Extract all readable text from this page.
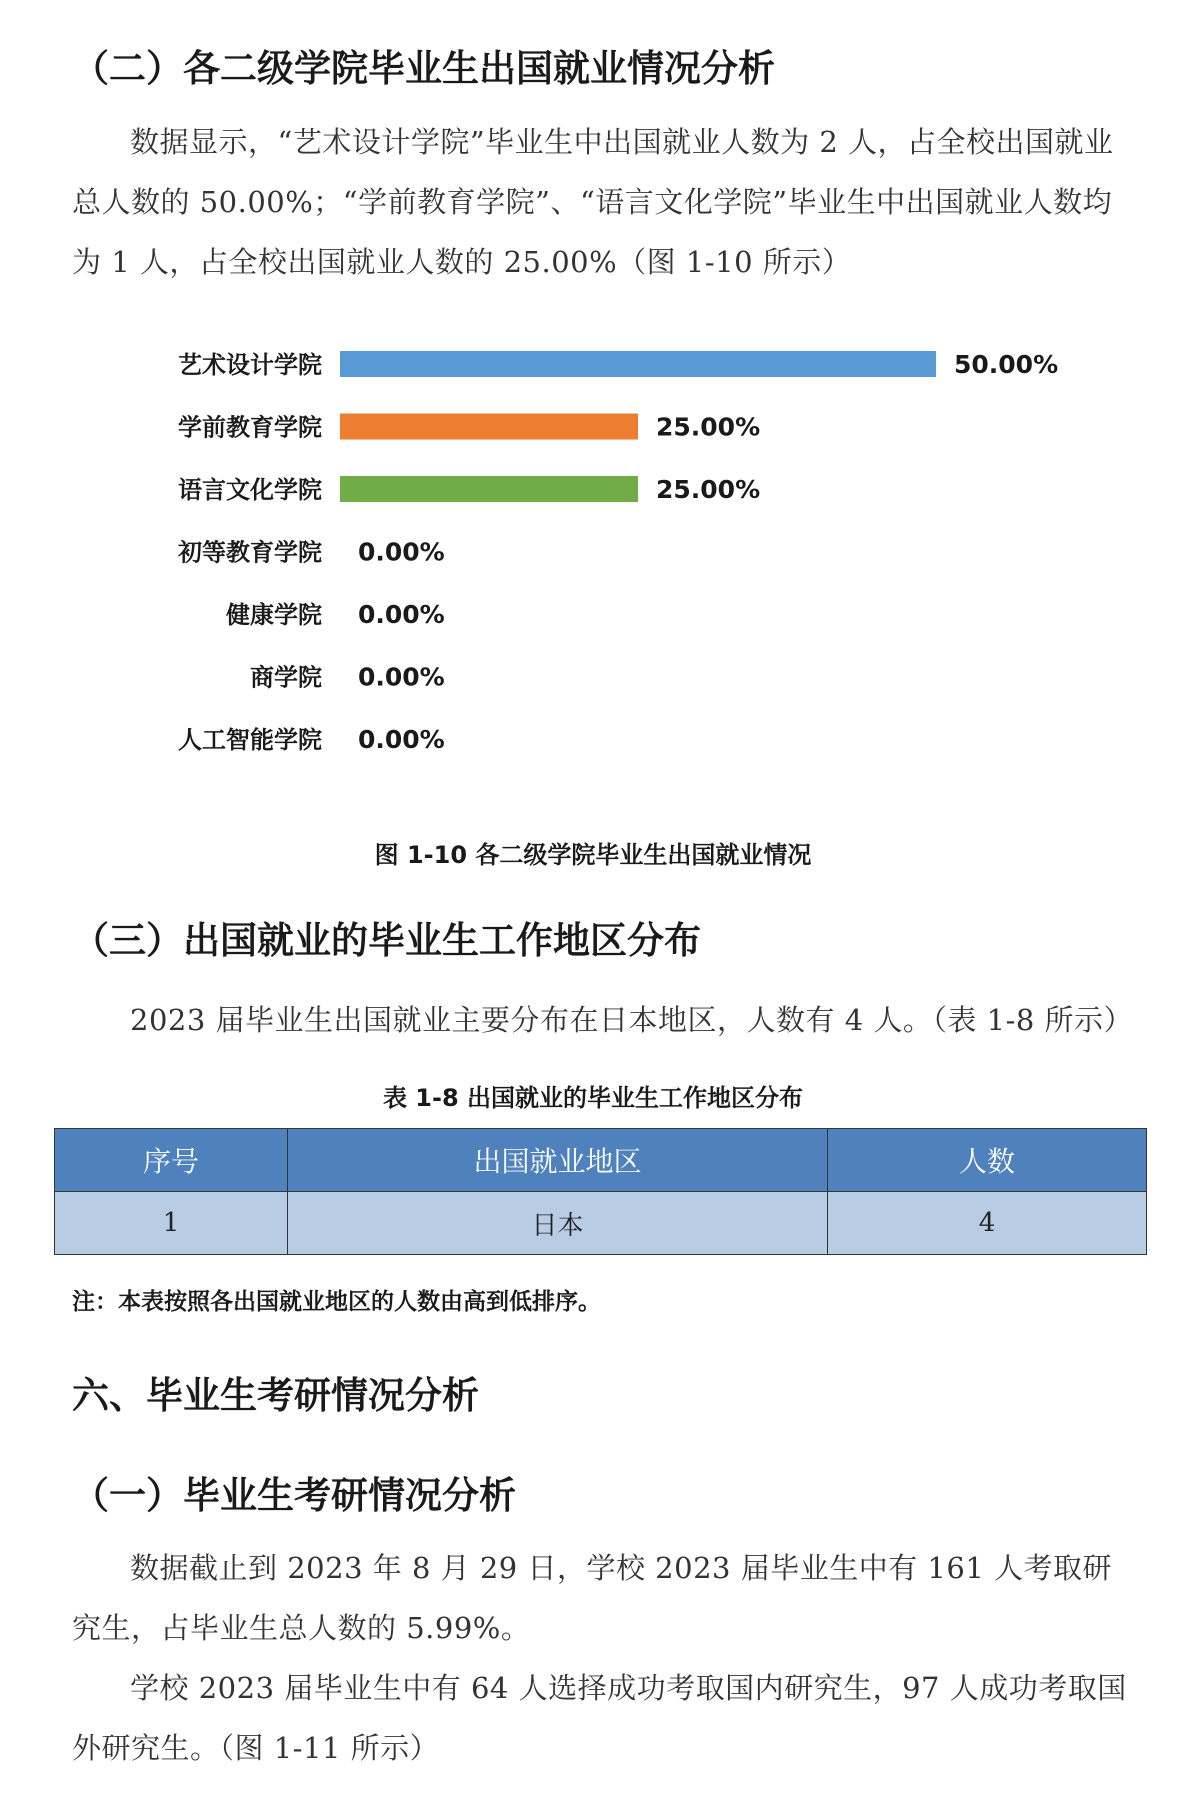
（二）各二级学院毕业生出国就业情况分析

数据显示，“艺术设计学院”毕业生中出国就业人数为 2 人，占全校出国就业总人数的 50.00%；“学前教育学院”、“语言文化学院”毕业生中出国就业人数均为 1 人，占全校出国就业人数的 25.00%（图 1-10 所示）

艺术设计学院	50.00%
学前教育学院	25.00%
语言文化学院	25.00%
初等教育学院 0.00%
健康学院 0.00%
商学院 0.00%
人工智能学院 0.00%
图 1-10 各二级学院毕业生出国就业情况
（三）出国就业的毕业生工作地区分布

2023 届毕业生出国就业主要分布在日本地区，人数有 4 人。（表 1-8 所示）

表 1-8 出国就业的毕业生工作地区分布
序号	出国就业地区	人数
1	日本	4
注：本表按照各出国就业地区的人数由高到低排序。
六、毕业生考研情况分析
（一）毕业生考研情况分析

数据截止到 2023 年 8 月 29 日，学校 2023 届毕业生中有 161 人考取研究生，占毕业生总人数的 5.99%。

学校 2023 届毕业生中有 64 人选择成功考取国内研究生，97 人成功考取国外研究生。（图 1-11 所示）
